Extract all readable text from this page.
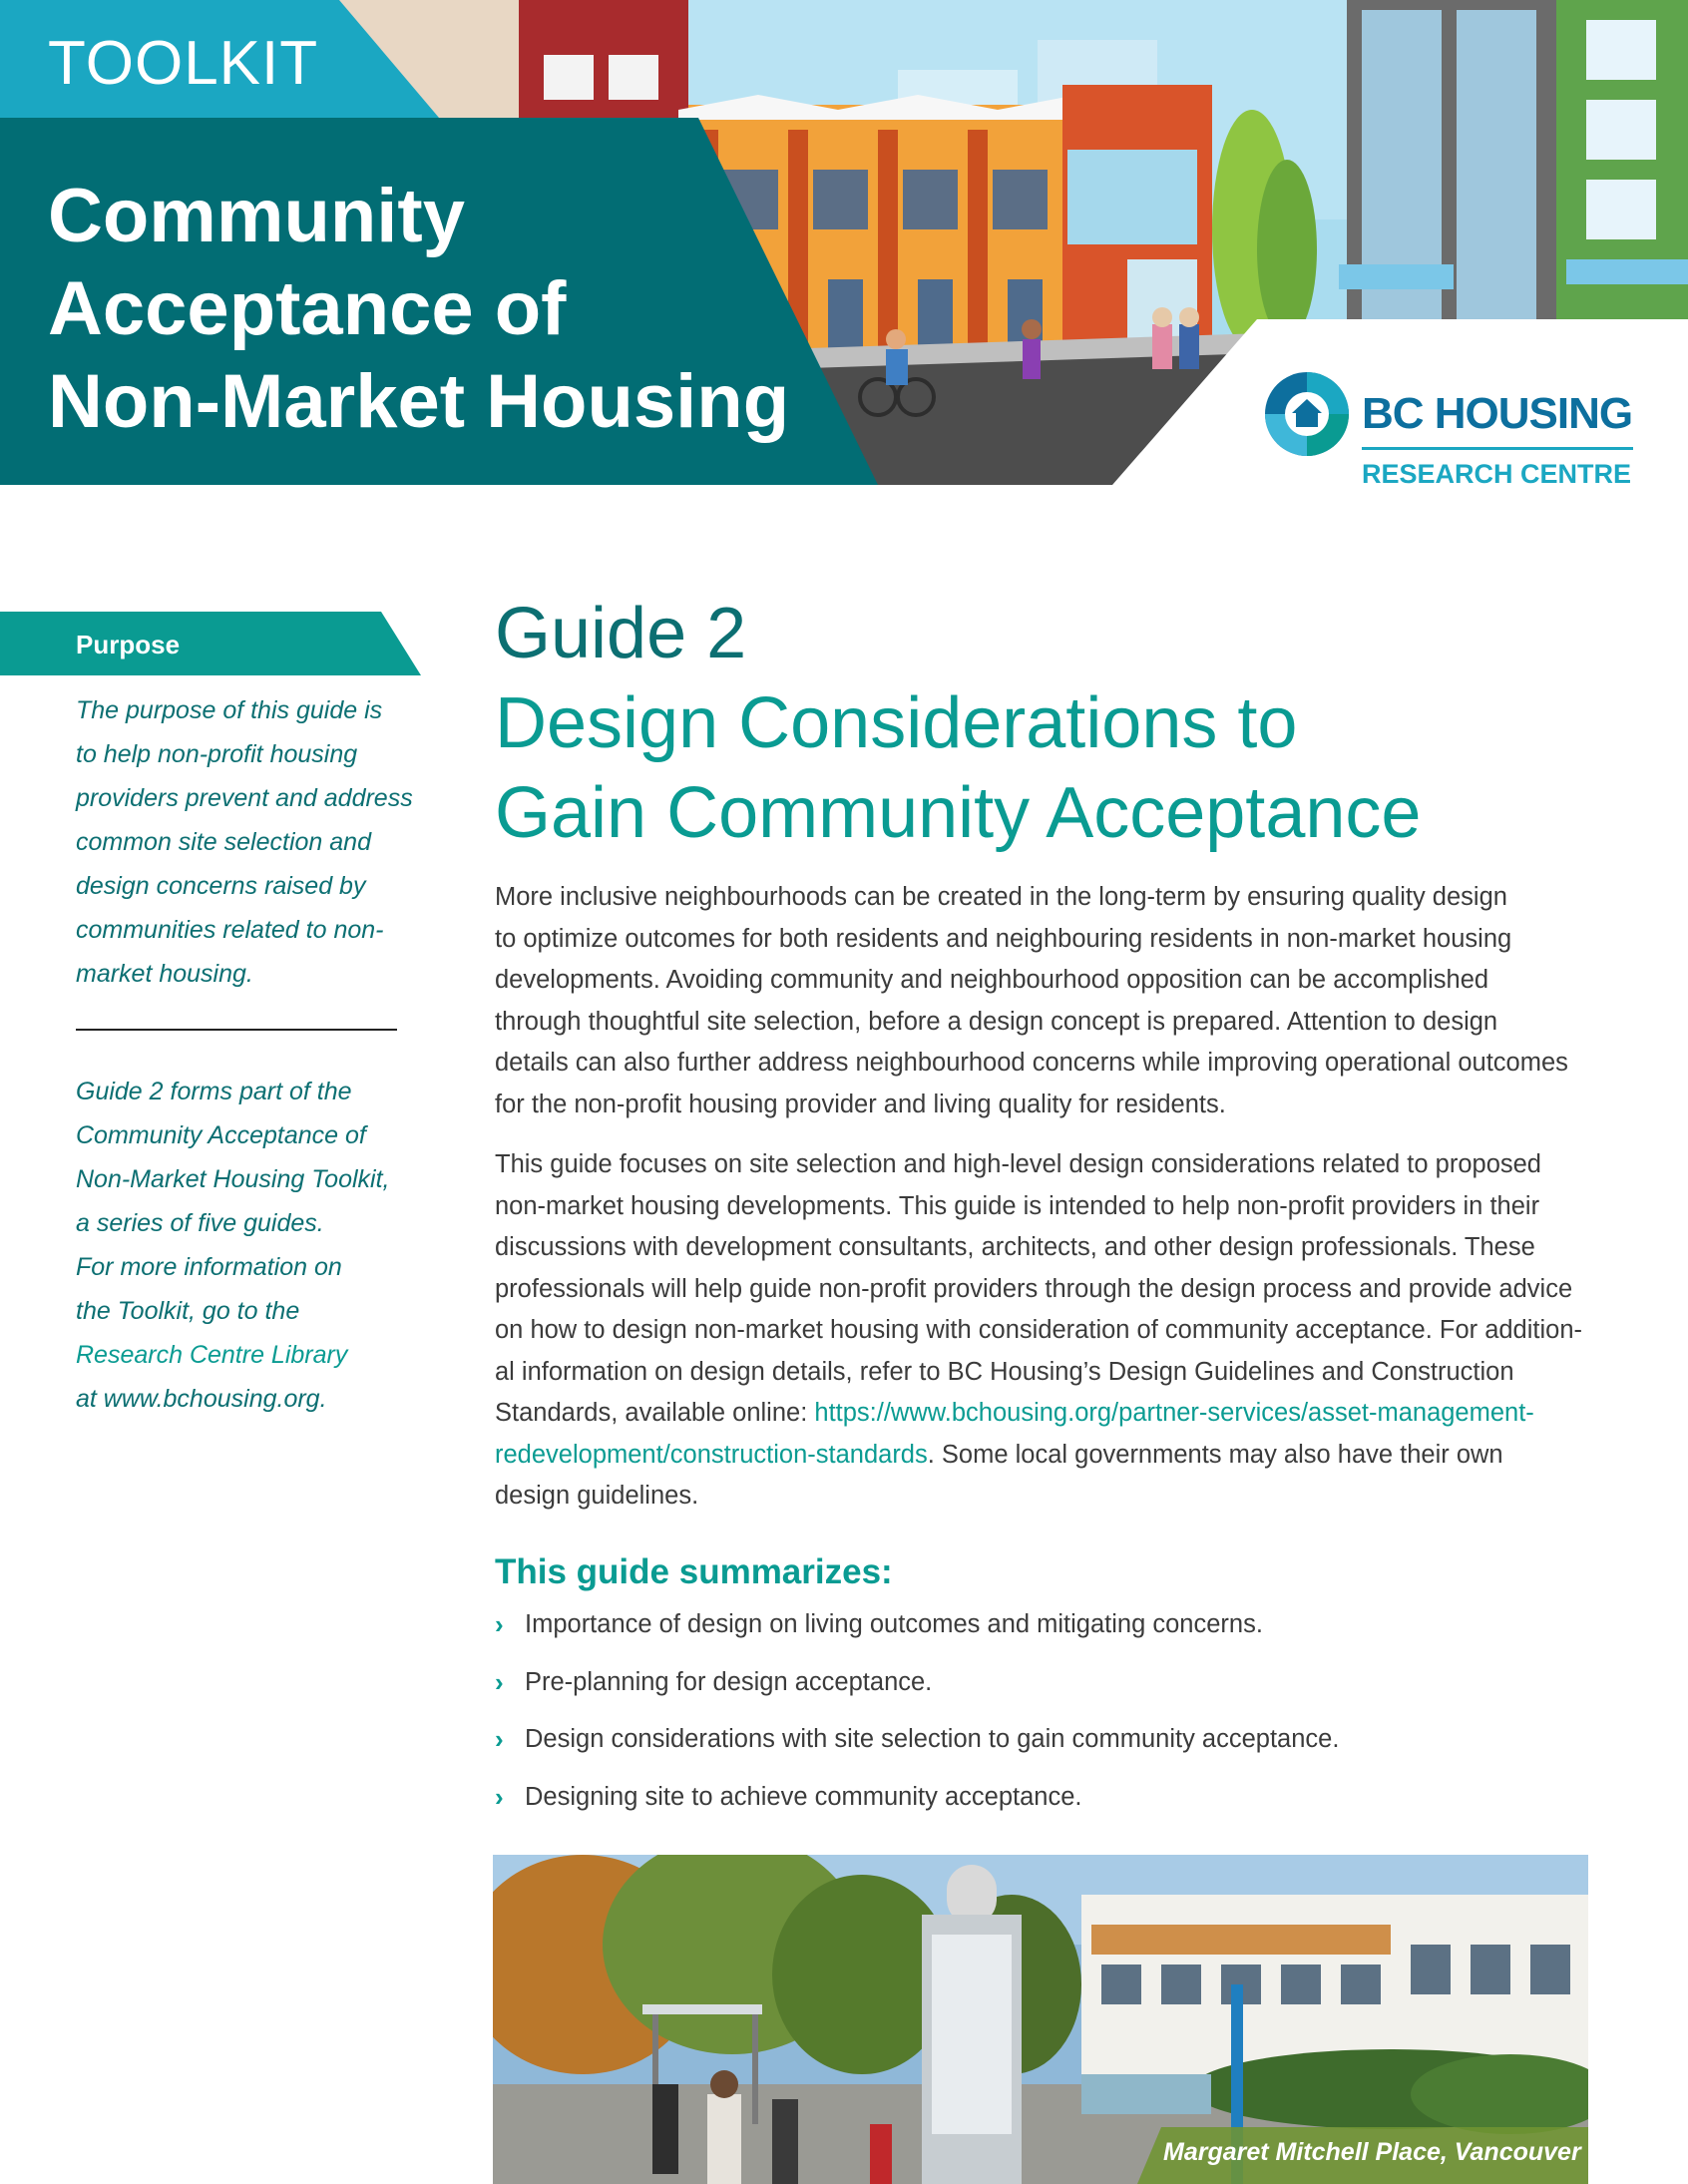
TOOLKIT
Community
Acceptance of
Non-Market Housing	BC HOUSING
RESEARCH CENTRE
Purpose
The purpose of this guide is
to help non-profit housing
providers prevent and address
common site selection and
design concerns raised by
communities related to non-
market housing.
Guide 2 forms part of the
Community Acceptance of
Non-Market Housing Toolkit,
a series of five guides.
For more information on
the Toolkit, go to the
Research Centre Library
at www.bchousing.org.
Guide 2
Design Considerations to
Gain Community Acceptance
More inclusive neighbourhoods can be created in the long-term by ensuring quality design
to optimize outcomes for both residents and neighbouring residents in non-market housing
developments. Avoiding community and neighbourhood opposition can be accomplished
through thoughtful site selection, before a design concept is prepared. Attention to design
details can also further address neighbourhood concerns while improving operational outcomes
for the non-profit housing provider and living quality for residents.
This guide focuses on site selection and high-level design considerations related to proposed
non-market housing developments. This guide is intended to help non-profit providers in their
discussions with development consultants, architects, and other design professionals. These
professionals will help guide non-profit providers through the design process and provide advice
on how to design non-market housing with consideration of community acceptance. For addition-
al information on design details, refer to BC Housing’s Design Guidelines and Construction
Standards, available online: https://www.bchousing.org/partner-services/asset-management-
redevelopment/construction-standards. Some local governments may also have their own
design guidelines.
This guide summarizes:
› Importance of design on living outcomes and mitigating concerns.
› Pre-planning for design acceptance.
› Design considerations with site selection to gain community acceptance.
› Designing site to achieve community acceptance.
Margaret Mitchell Place, Vancouver
